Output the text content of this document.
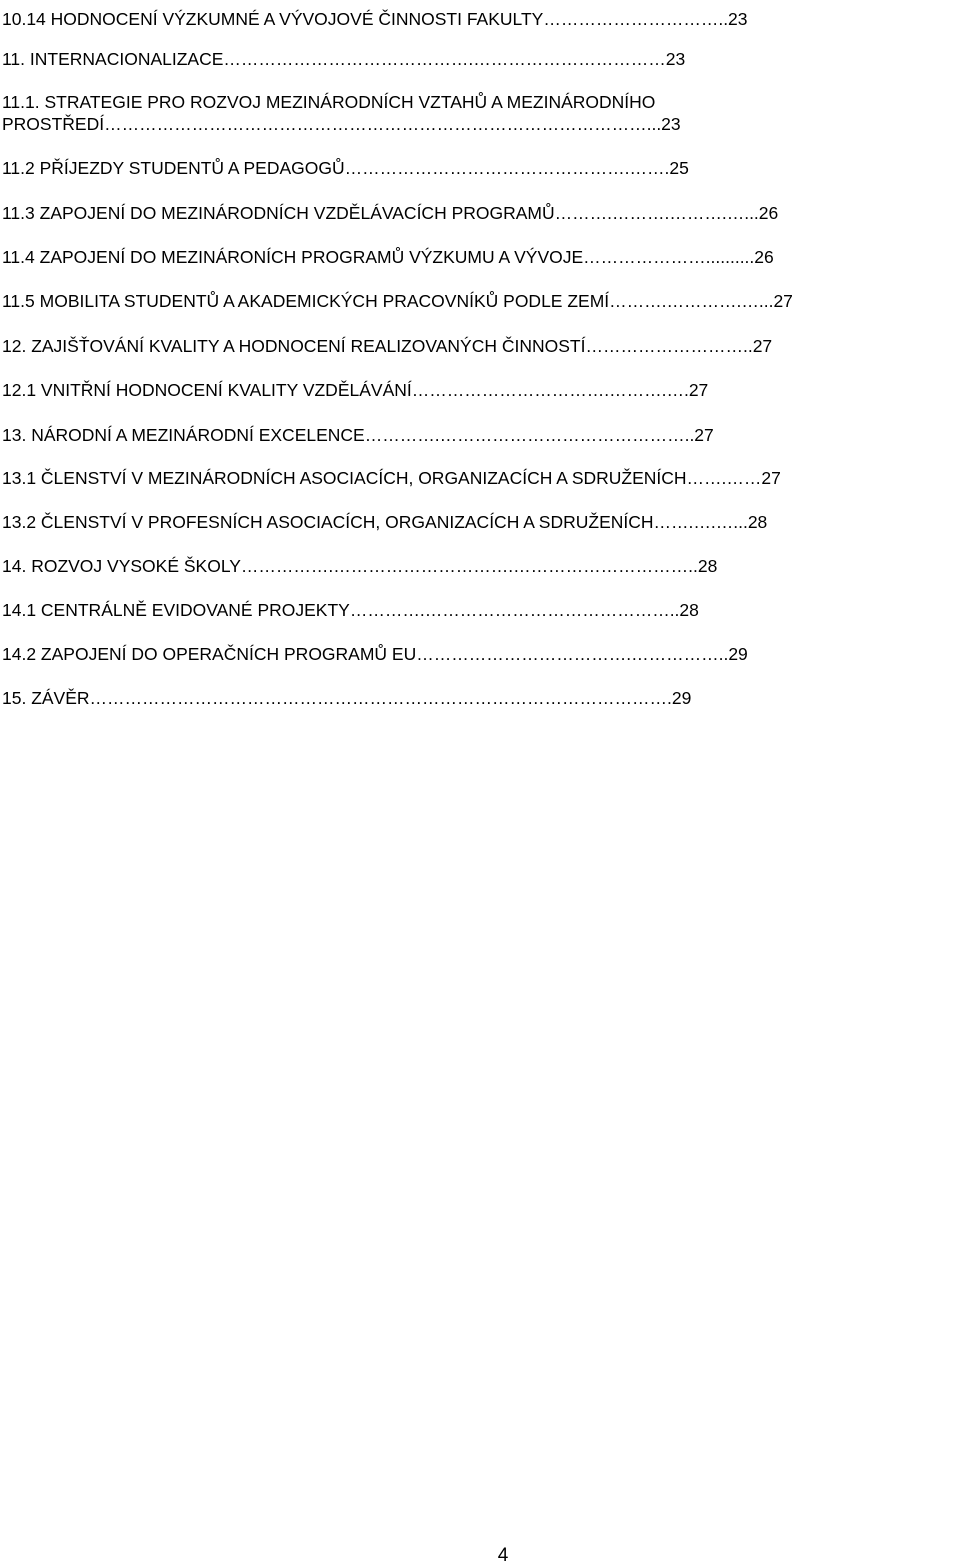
10.14 HODNOCENÍ VÝZKUMNÉ A VÝVOJOVÉ ČINNOSTI FAKULTY…………………………..23
11. INTERNACIONALIZACE…………………………………….……………………………23
11.1. STRATEGIE PRO ROZVOJ MEZINÁRODNÍCH VZTAHŮ A MEZINÁRODNÍHO
PROSTŘEDÍ…………………………………………………………………………………...23
11.2 PŘÍJEZDY STUDENTŮ A PEDAGOGŮ………………………………………….…….25
11.3 ZAPOJENÍ DO MEZINÁRODNÍCH VZDĚLÁVACÍCH PROGRAMŮ……….……….……….…...26
11.4 ZAPOJENÍ DO MEZINÁRONÍCH PROGRAMŮ VÝZKUMU A VÝVOJE…………………..........26
11.5 MOBILITA STUDENTŮ A AKADEMICKÝCH PRACOVNÍKŮ PODLE ZEMÍ……….………….…...27
12. ZAJIŠŤOVÁNÍ KVALITY A HODNOCENÍ REALIZOVANÝCH ČINNOSTÍ………………………..27
12.1 VNITŘNÍ HODNOCENÍ KVALITY VZDĚLÁVÁNÍ…………………………….……….….27
13. NÁRODNÍ A MEZINÁRODNÍ EXCELENCE………….……………………………………..27
13.1 ČLENSTVÍ V MEZINÁRODNÍCH ASOCIACÍCH, ORGANIZACÍCH A SDRUŽENÍCH…….……27
13.2 ČLENSTVÍ V PROFESNÍCH ASOCIACÍCH, ORGANIZACÍCH A SDRUŽENÍCH…….….…...28
14. ROZVOJ VYSOKÉ ŠKOLY…………….………………………….…………………………..28
14.1 CENTRÁLNĚ EVIDOVANÉ PROJEKTY………….……………………………………..28
14.2 ZAPOJENÍ DO OPERAČNÍCH PROGRAMŮ EU……………………………….……………..29
15. ZÁVĚR……………………………………………………………………………………….29
4
